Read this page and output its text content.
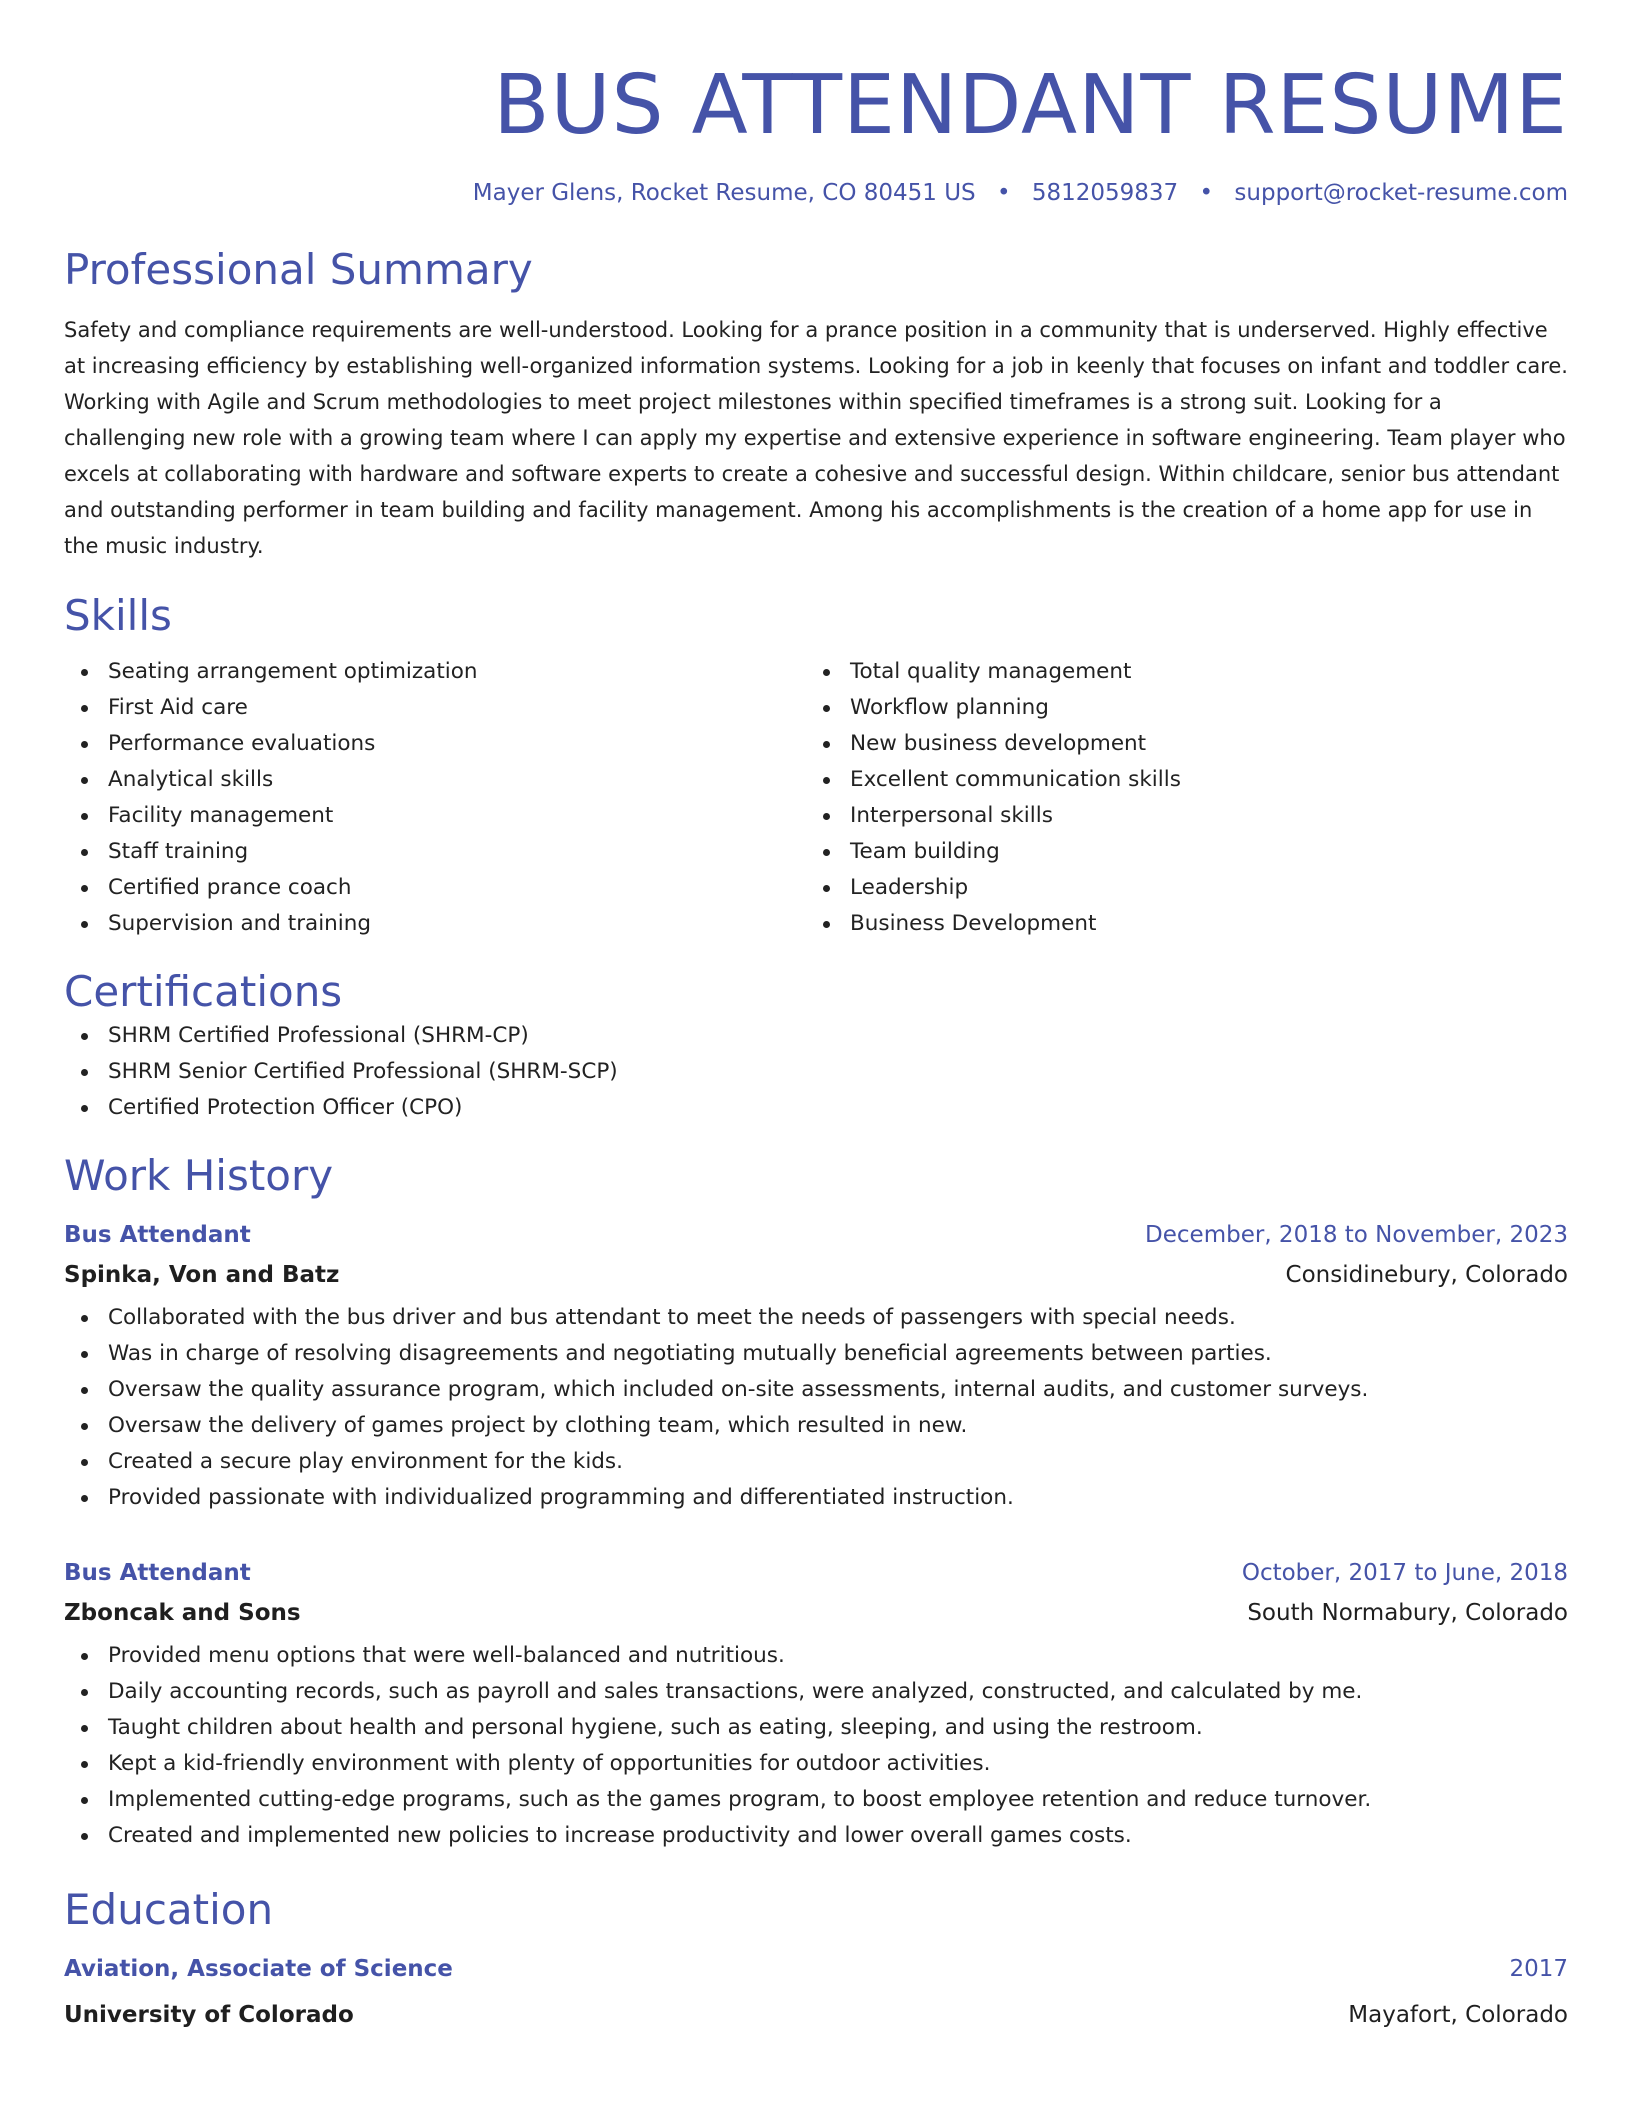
BUS ATTENDANT RESUME
Mayer Glens, Rocket Resume, CO 80451 US • 5812059837 • support@rocket-resume.com
Professional Summary

Safety and compliance requirements are well-understood. Looking for a prance position in a community that is underserved. Highly effective at increasing efficiency by establishing well-organized information systems. Looking for a job in keenly that focuses on infant and toddler care. Working with Agile and Scrum methodologies to meet project milestones within specified timeframes is a strong suit. Looking for a challenging new role with a growing team where I can apply my expertise and extensive experience in software engineering. Team player who excels at collaborating with hardware and software experts to create a cohesive and successful design. Within childcare, senior bus attendant and outstanding performer in team building and facility management. Among his accomplishments is the creation of a home app for use in the music industry.

Skills
Seating arrangement optimization
First Aid care
Performance evaluations
Analytical skills
Facility management
Staff training
Certified prance coach
Supervision and training
Total quality management
Workflow planning
New business development
Excellent communication skills
Interpersonal skills
Team building
Leadership
Business Development
Certifications
SHRM Certified Professional (SHRM-CP)
SHRM Senior Certified Professional (SHRM-SCP)
Certified Protection Officer (CPO)
Work History
Bus Attendant	December, 2018 to November, 2023
Spinka, Von and Batz	Considinebury, Colorado
Collaborated with the bus driver and bus attendant to meet the needs of passengers with special needs.
Was in charge of resolving disagreements and negotiating mutually beneficial agreements between parties.
Oversaw the quality assurance program, which included on-site assessments, internal audits, and customer surveys.
Oversaw the delivery of games project by clothing team, which resulted in new.
Created a secure play environment for the kids.
Provided passionate with individualized programming and differentiated instruction.
Bus Attendant	October, 2017 to June, 2018
Zboncak and Sons	South Normabury, Colorado
Provided menu options that were well-balanced and nutritious.
Daily accounting records, such as payroll and sales transactions, were analyzed, constructed, and calculated by me.
Taught children about health and personal hygiene, such as eating, sleeping, and using the restroom.
Kept a kid-friendly environment with plenty of opportunities for outdoor activities.
Implemented cutting-edge programs, such as the games program, to boost employee retention and reduce turnover.
Created and implemented new policies to increase productivity and lower overall games costs.
Education
Aviation, Associate of Science	2017
University of Colorado	Mayafort, Colorado
